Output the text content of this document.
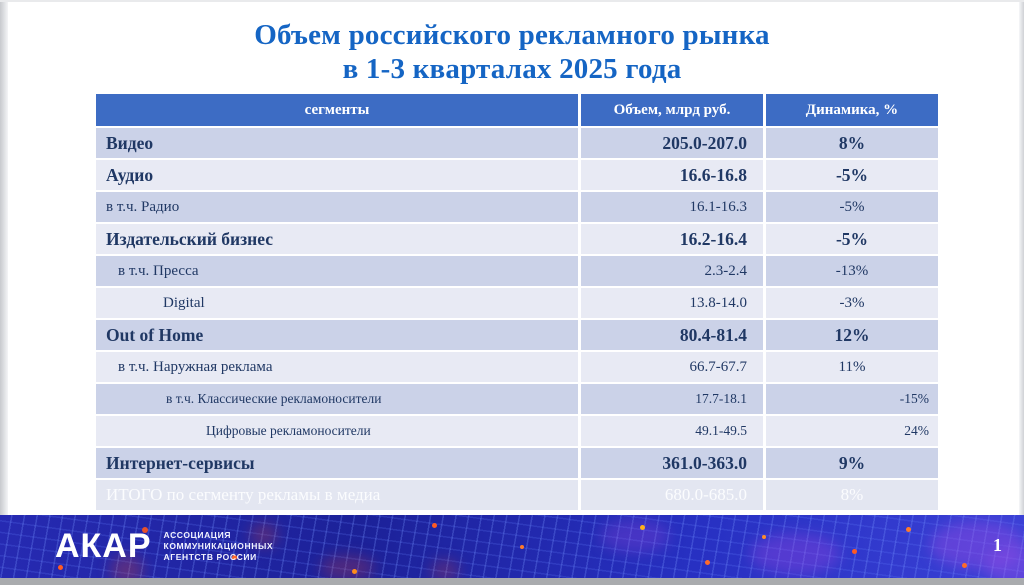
Объем российского рекламного рынка
в 1-3 кварталах 2025 года
сегменты	Объем, млрд руб.	Динамика, %
Видео	205.0-207.0	8%
Аудио	16.6-16.8	-5%
в т.ч. Радио	16.1-16.3	-5%
Издательский бизнес	16.2-16.4	-5%
в т.ч. Пресса	2.3-2.4	-13%
Digital	13.8-14.0	-3%
Out of Home	80.4-81.4	12%
в т.ч. Наружная реклама	66.7-67.7	11%
в т.ч. Классические рекламоносители	17.7-18.1	-15%
Цифровые рекламоносители	49.1-49.5	24%
Интернет-сервисы	361.0-363.0	9%
ИТОГО по сегменту рекламы в медиа	680.0-685.0	8%
АКАР АССОЦИАЦИЯ
КОММУНИКАЦИОННЫХ
АГЕНТСТВ РОССИИ
1
